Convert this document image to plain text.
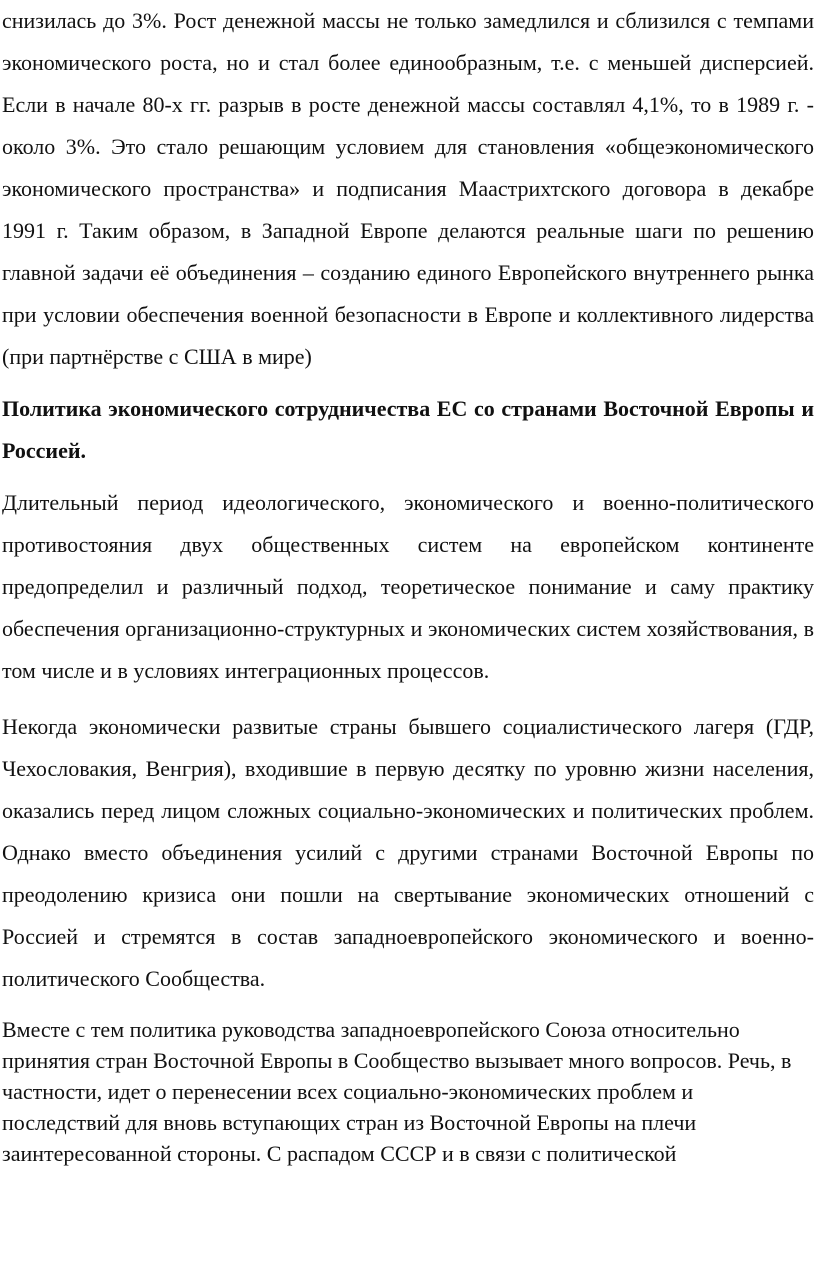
снизилась до 3%. Рост денежной массы не только замедлился и сблизился с темпами экономического роста, но и стал более единообразным, т.е. с меньшей дисперсией. Если в начале 80-х гг. разрыв в росте денежной массы составлял 4,1%, то в 1989 г. - около 3%. Это стало решающим условием для становления «общеэкономического экономического пространства» и подписания Маастрихтского договора в декабре 1991 г. Таким образом, в Западной Европе делаются реальные шаги по решению главной задачи её объединения – созданию единого Европейского внутреннего рынка при условии обеспечения военной безопасности в Европе и коллективного лидерства (при партнёрстве с США в мире)

Политика экономического сотрудничества ЕС со странами Восточной Европы и Россией.

Длительный период идеологического, экономического и военно-политического противостояния двух общественных систем на европейском континенте предопределил и различный подход, теоретическое понимание и саму практику обеспечения организационно-структурных и экономических систем хозяйствования, в том числе и в условиях интеграционных процессов.

Некогда экономически развитые страны бывшего социалистического лагеря (ГДР, Чехословакия, Венгрия), входившие в первую десятку по уровню жизни населения, оказались перед лицом сложных социально-экономических и политических проблем. Однако вместо объединения усилий с другими странами Восточной Европы по преодолению кризиса они пошли на свертывание экономических отношений с Россией и стремятся в состав западноевропейского экономического и военно-политического Сообщества.

Вместе с тем политика руководства западноевропейского Союза относительно принятия стран Восточной Европы в Сообщество вызывает много вопросов. Речь, в частности, идет о перенесении всех социально-экономических проблем и последствий для вновь вступающих стран из Восточной Европы на плечи заинтересованной стороны. С распадом СССР и в связи с политической
